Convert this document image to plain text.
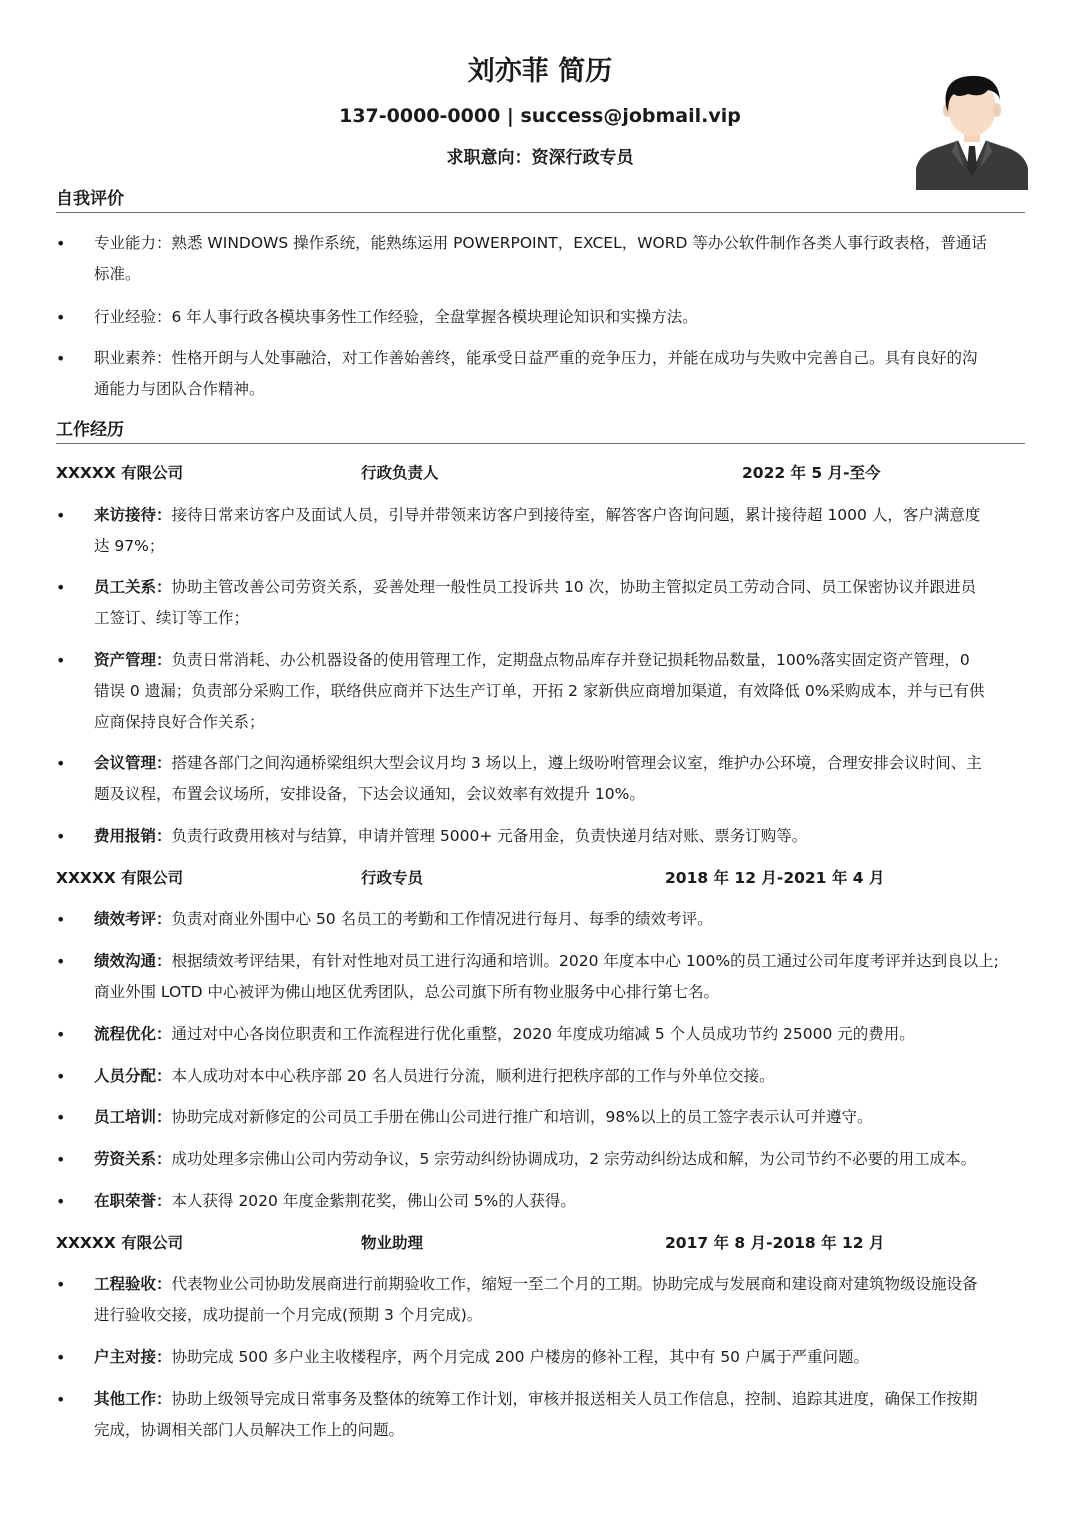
刘亦菲 简历
137-0000-0000 | success@jobmail.vip
求职意向：资深行政专员
自我评价
• 专业能力：熟悉 WINDOWS 操作系统，能熟练运用 POWERPOINT，EXCEL，WORD 等办公软件制作各类人事行政表格，普通话
标准。
• 行业经验：6 年人事行政各模块事务性工作经验，全盘掌握各模块理论知识和实操方法。
• 职业素养：性格开朗与人处事融洽，对工作善始善终，能承受日益严重的竞争压力，并能在成功与失败中完善自己。具有良好的沟
通能力与团队合作精神。
工作经历
XXXXX 有限公司	行政负责人	2022 年 5 月-至今
• 来访接待：接待日常来访客户及面试人员，引导并带领来访客户到接待室，解答客户咨询问题，累计接待超 1000 人，客户满意度
达 97%；
• 员工关系：协助主管改善公司劳资关系，妥善处理一般性员工投诉共 10 次，协助主管拟定员工劳动合同、员工保密协议并跟进员
工签订、续订等工作；
• 资产管理：负责日常消耗、办公机器设备的使用管理工作，定期盘点物品库存并登记损耗物品数量，100%落实固定资产管理，0
错误 0 遗漏；负责部分采购工作，联络供应商并下达生产订单，开拓 2 家新供应商增加渠道，有效降低 0%采购成本，并与已有供
应商保持良好合作关系；
• 会议管理：搭建各部门之间沟通桥梁组织大型会议月均 3 场以上，遵上级吩咐管理会议室，维护办公环境，合理安排会议时间、主
题及议程，布置会议场所，安排设备，下达会议通知，会议效率有效提升 10%。
• 费用报销：负责行政费用核对与结算，申请并管理 5000+ 元备用金，负责快递月结对账、票务订购等。
XXXXX 有限公司	行政专员	2018 年 12 月-2021 年 4 月
• 绩效考评：负责对商业外围中心 50 名员工的考勤和工作情况进行每月、每季的绩效考评。
• 绩效沟通：根据绩效考评结果，有针对性地对员工进行沟通和培训。2020 年度本中心 100%的员工通过公司年度考评并达到良以上;
商业外围 LOTD 中心被评为佛山地区优秀团队，总公司旗下所有物业服务中心排行第七名。
• 流程优化：通过对中心各岗位职责和工作流程进行优化重整，2020 年度成功缩减 5 个人员成功节约 25000 元的费用。
• 人员分配：本人成功对本中心秩序部 20 名人员进行分流，顺利进行把秩序部的工作与外单位交接。
• 员工培训：协助完成对新修定的公司员工手册在佛山公司进行推广和培训，98%以上的员工签字表示认可并遵守。
• 劳资关系：成功处理多宗佛山公司内劳动争议，5 宗劳动纠纷协调成功，2 宗劳动纠纷达成和解，为公司节约不必要的用工成本。
• 在职荣誉：本人获得 2020 年度金紫荆花奖，佛山公司 5%的人获得。
XXXXX 有限公司	物业助理	2017 年 8 月-2018 年 12 月
• 工程验收：代表物业公司协助发展商进行前期验收工作，缩短一至二个月的工期。协助完成与发展商和建设商对建筑物级设施设备
进行验收交接，成功提前一个月完成(预期 3 个月完成)。
• 户主对接：协助完成 500 多户业主收楼程序，两个月完成 200 户楼房的修补工程，其中有 50 户属于严重问题。
• 其他工作：协助上级领导完成日常事务及整体的统筹工作计划，审核并报送相关人员工作信息，控制、追踪其进度，确保工作按期
完成，协调相关部门人员解决工作上的问题。
